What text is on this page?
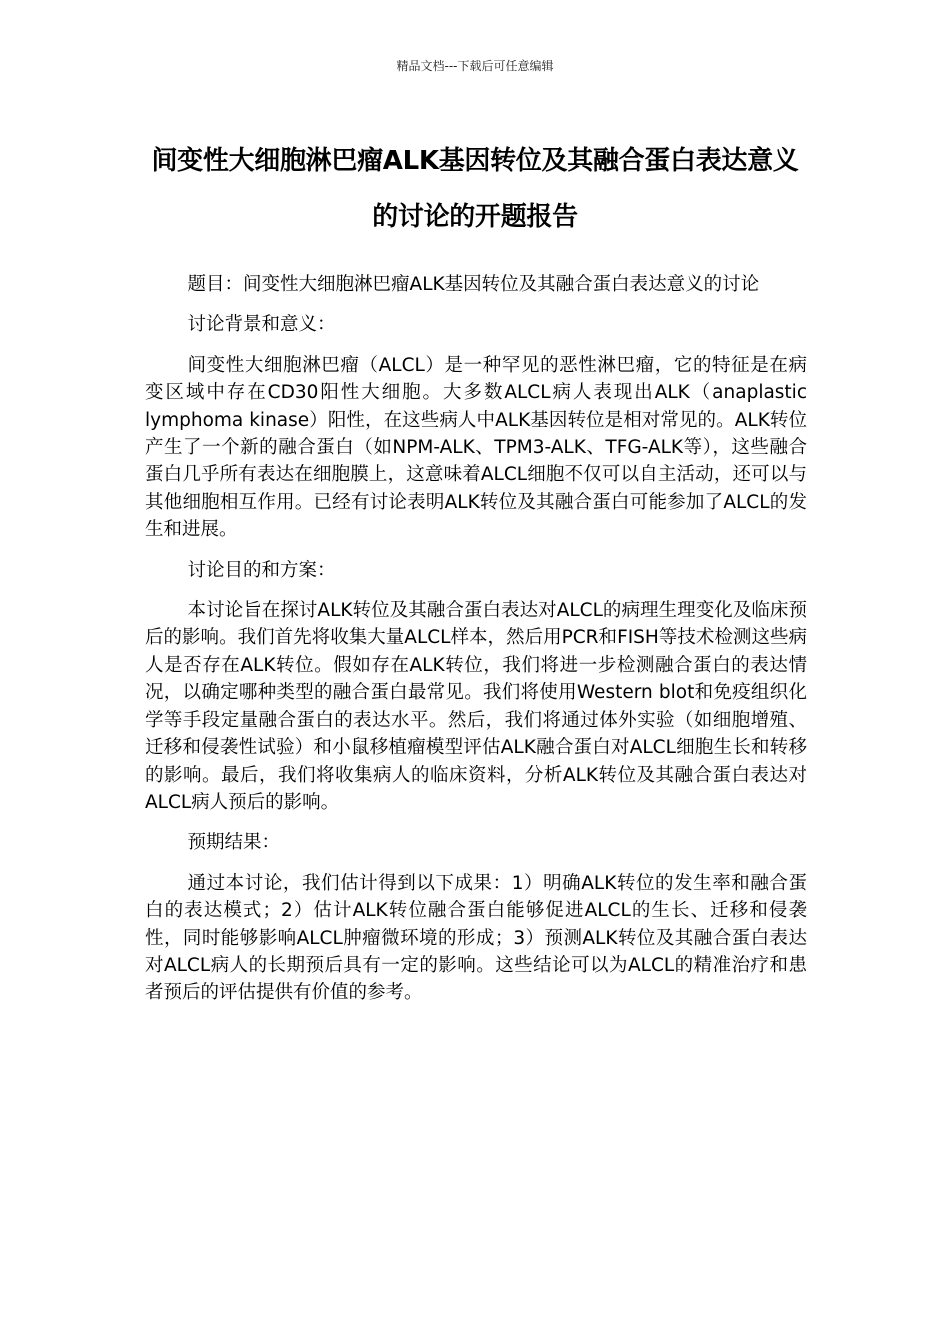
精品文档---下载后可任意编辑
间变性大细胞淋巴瘤ALK基因转位及其融合蛋白表达意义的讨论的开题报告

题目：间变性大细胞淋巴瘤ALK基因转位及其融合蛋白表达意义的讨论

讨论背景和意义：

间变性大细胞淋巴瘤（ALCL）是一种罕见的恶性淋巴瘤，它的特征是在病变区域中存在CD30阳性大细胞。大多数ALCL病人表现出ALK（anaplastic lymphoma kinase）阳性，在这些病人中ALK基因转位是相对常见的。ALK转位产生了一个新的融合蛋白（如NPM-ALK、TPM3-ALK、TFG-ALK等），这些融合蛋白几乎所有表达在细胞膜上，这意味着ALCL细胞不仅可以自主活动，还可以与其他细胞相互作用。已经有讨论表明ALK转位及其融合蛋白可能参加了ALCL的发生和进展。

讨论目的和方案：

本讨论旨在探讨ALK转位及其融合蛋白表达对ALCL的病理生理变化及临床预后的影响。我们首先将收集大量ALCL样本，然后用PCR和FISH等技术检测这些病人是否存在ALK转位。假如存在ALK转位，我们将进一步检测融合蛋白的表达情况，以确定哪种类型的融合蛋白最常见。我们将使用Western blot和免疫组织化学等手段定量融合蛋白的表达水平。然后，我们将通过体外实验（如细胞增殖、迁移和侵袭性试验）和小鼠移植瘤模型评估ALK融合蛋白对ALCL细胞生长和转移的影响。最后，我们将收集病人的临床资料，分析ALK转位及其融合蛋白表达对ALCL病人预后的影响。

预期结果：

通过本讨论，我们估计得到以下成果：1）明确ALK转位的发生率和融合蛋白的表达模式；2）估计ALK转位融合蛋白能够促进ALCL的生长、迁移和侵袭性，同时能够影响ALCL肿瘤微环境的形成；3）预测ALK转位及其融合蛋白表达对ALCL病人的长期预后具有一定的影响。这些结论可以为ALCL的精准治疗和患者预后的评估提供有价值的参考。
